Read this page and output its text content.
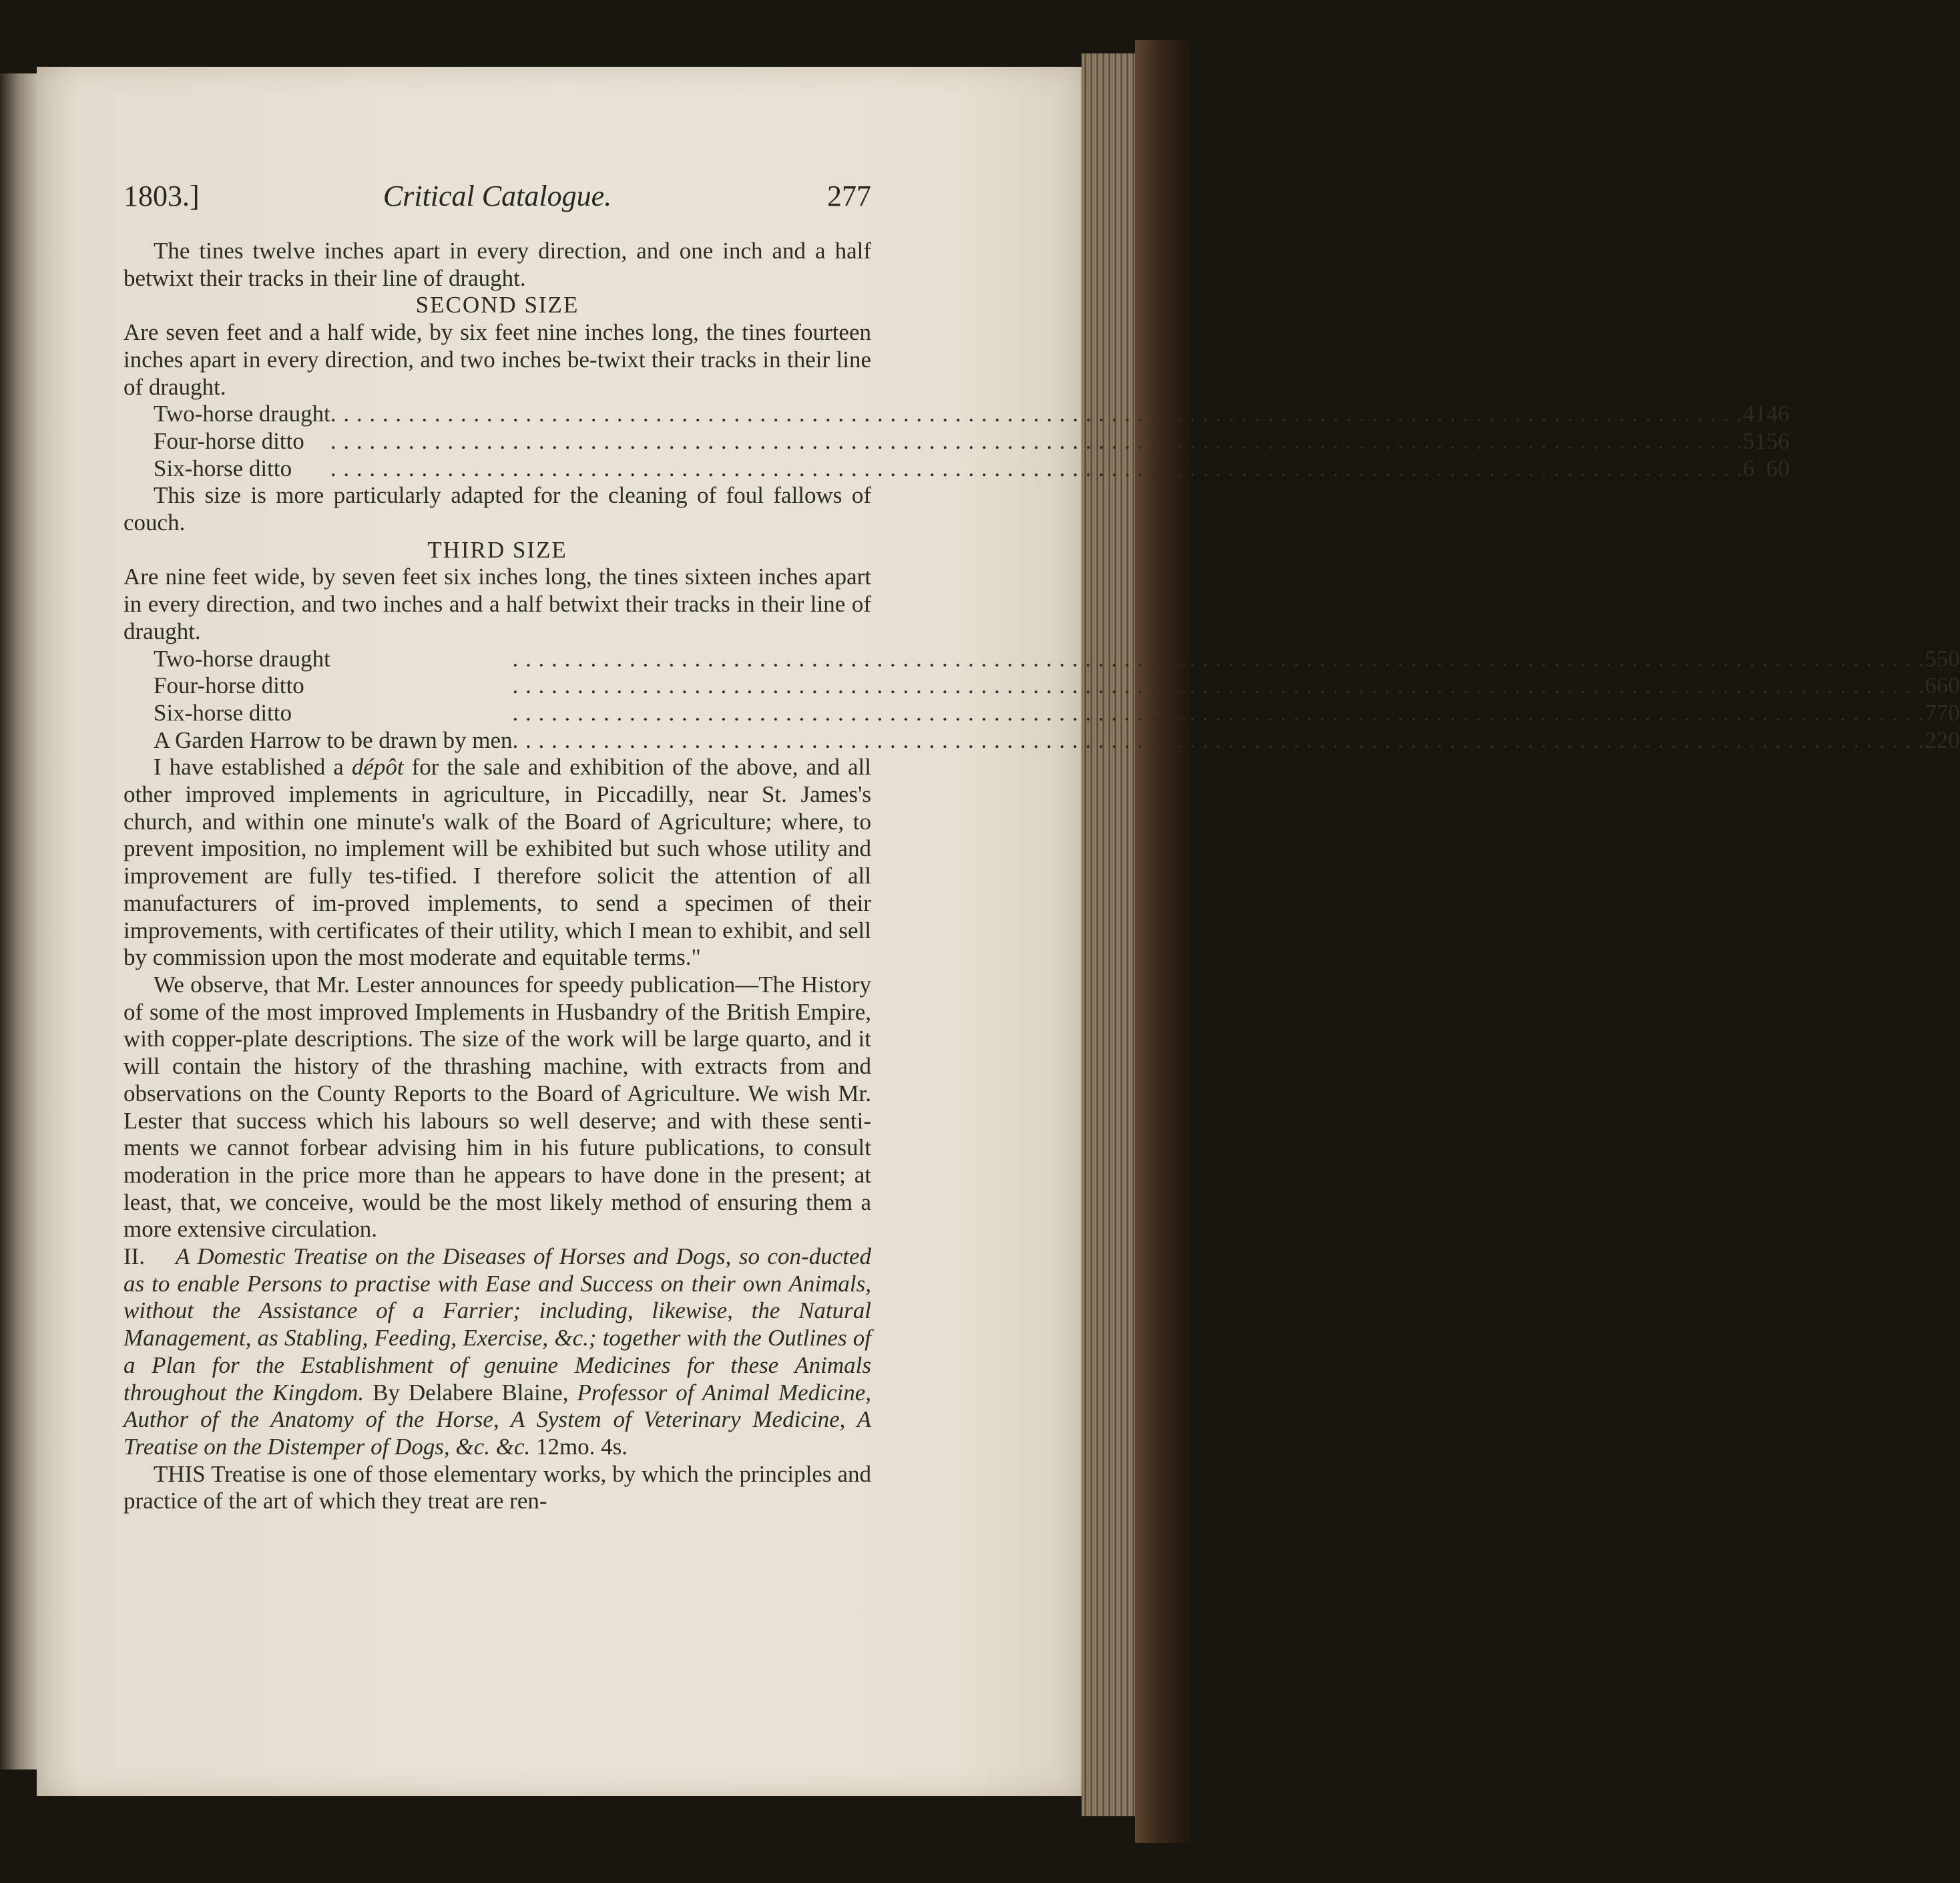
1803.]	Critical Catalogue.	277

The tines twelve inches apart in every direction, and one inch and a half betwixt their tracks in their line of draught.

SECOND SIZE

Are seven feet and a half wide, by six feet nine inches long, the tines fourteen inches apart in every direction, and two inches be-twixt their tracks in their line of draught.

Two-horse draught	. . .	4	14	6
Four-horse ditto	. . .	5	15	6
Six-horse ditto	. . .	6	6	0

This size is more particularly adapted for the cleaning of foul fallows of couch.

THIRD SIZE

Are nine feet wide, by seven feet six inches long, the tines sixteen inches apart in every direction, and two inches and a half betwixt their tracks in their line of draught.

Two-horse draught	. . .	5	5	0
Four-horse ditto	. . .	6	6	0
Six-horse ditto	. . .	7	7	0
A Garden Harrow to be drawn by men	. . .	2	2	0

I have established a dépôt for the sale and exhibition of the above, and all other improved implements in agriculture, in Piccadilly, near St. James's church, and within one minute's walk of the Board of Agriculture; where, to prevent imposition, no implement will be exhibited but such whose utility and improvement are fully tes-tified. I therefore solicit the attention of all manufacturers of im-proved implements, to send a specimen of their improvements, with certificates of their utility, which I mean to exhibit, and sell by commission upon the most moderate and equitable terms."

We observe, that Mr. Lester announces for speedy publication—The History of some of the most improved Implements in Husbandry of the British Empire, with copper-plate descriptions. The size of the work will be large quarto, and it will contain the history of the thrashing machine, with extracts from and observations on the County Reports to the Board of Agriculture. We wish Mr. Lester that success which his labours so well deserve; and with these senti-ments we cannot forbear advising him in his future publications, to consult moderation in the price more than he appears to have done in the present; at least, that, we conceive, would be the most likely method of ensuring them a more extensive circulation.

II. A Domestic Treatise on the Diseases of Horses and Dogs, so con-ducted as to enable Persons to practise with Ease and Success on their own Animals, without the Assistance of a Farrier; including, likewise, the Natural Management, as Stabling, Feeding, Exercise, &c.; together with the Outlines of a Plan for the Establishment of genuine Medicines for these Animals throughout the Kingdom. By Delabere Blaine, Professor of Animal Medicine, Author of the Anatomy of the Horse, A System of Veterinary Medicine, A Treatise on the Distemper of Dogs, &c. &c. 12mo. 4s.

THIS Treatise is one of those elementary works, by which the principles and practice of the art of which they treat are ren-
